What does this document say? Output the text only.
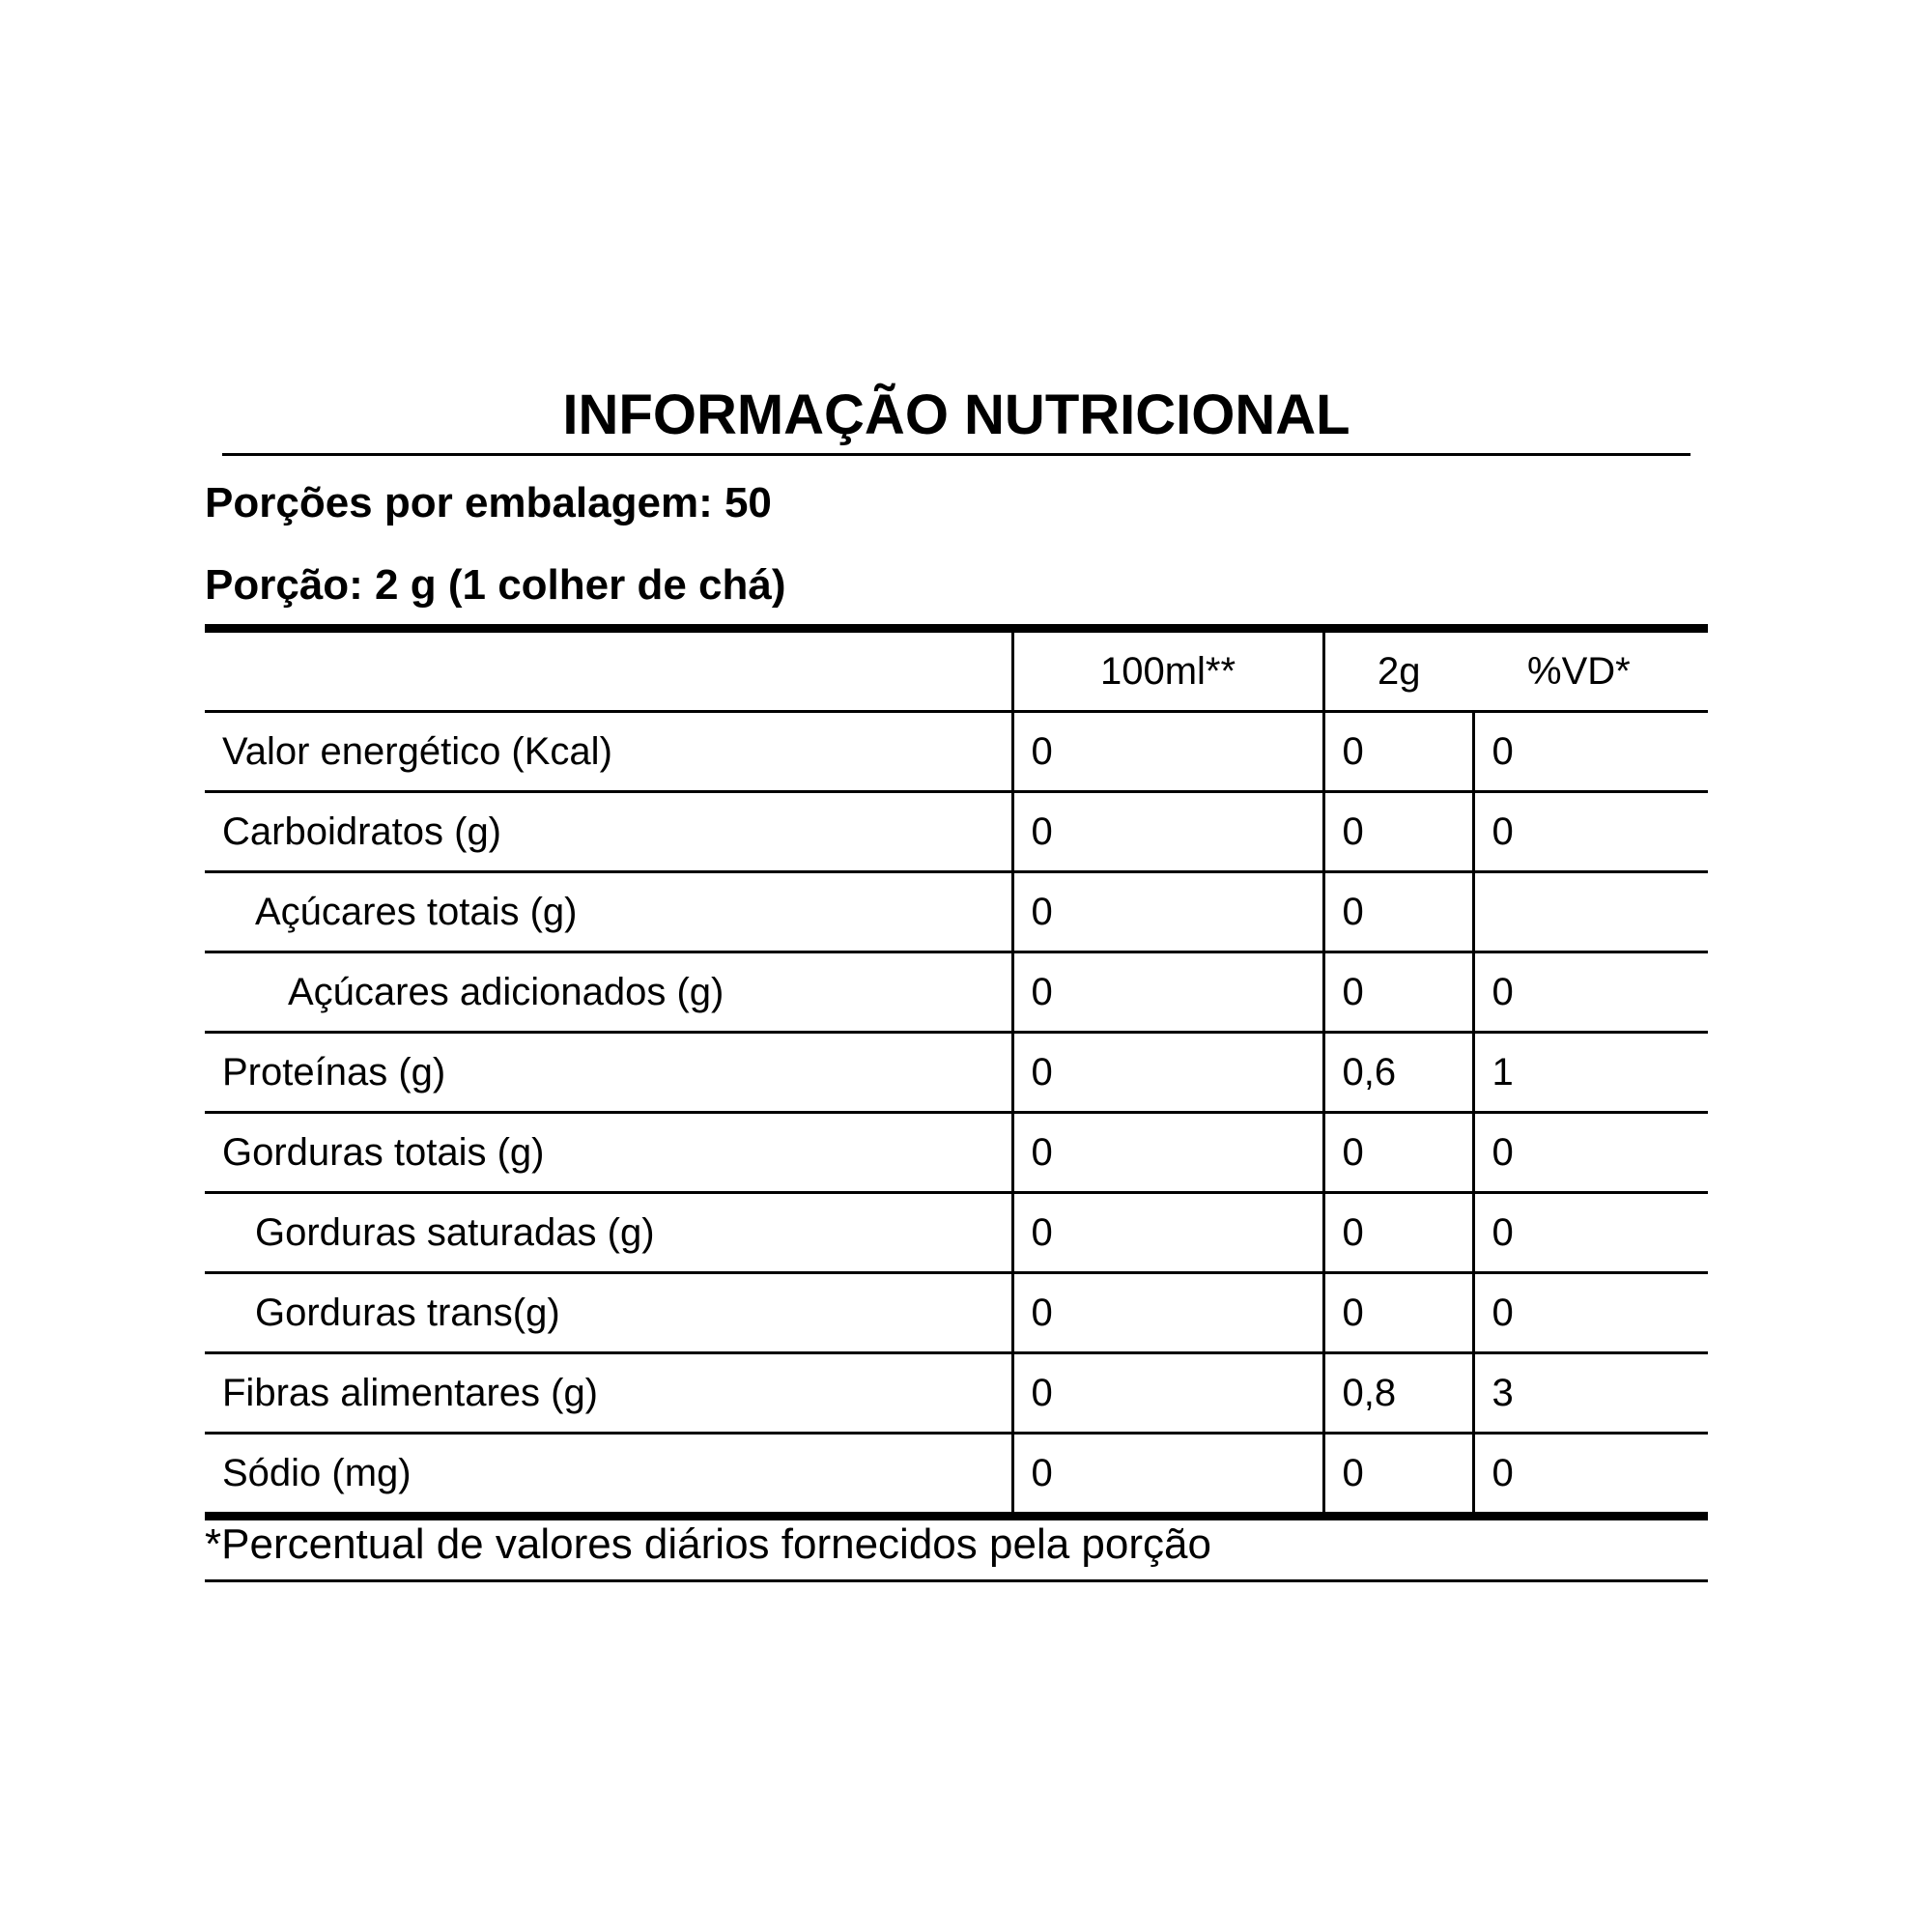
INFORMAÇÃO NUTRICIONAL

Porções por embalagem: 50

Porção: 2 g (1 colher de chá)

	100ml**	2g	%VD*
Valor energético (Kcal)	0	0	0
Carboidratos (g)	0	0	0
Açúcares totais (g)	0	0	
Açúcares adicionados (g)	0	0	0
Proteínas (g)	0	0,6	1
Gorduras totais (g)	0	0	0
Gorduras saturadas (g)	0	0	0
Gorduras trans(g)	0	0	0
Fibras alimentares (g)	0	0,8	3
Sódio (mg)	0	0	0

*Percentual de valores diários fornecidos pela porção
